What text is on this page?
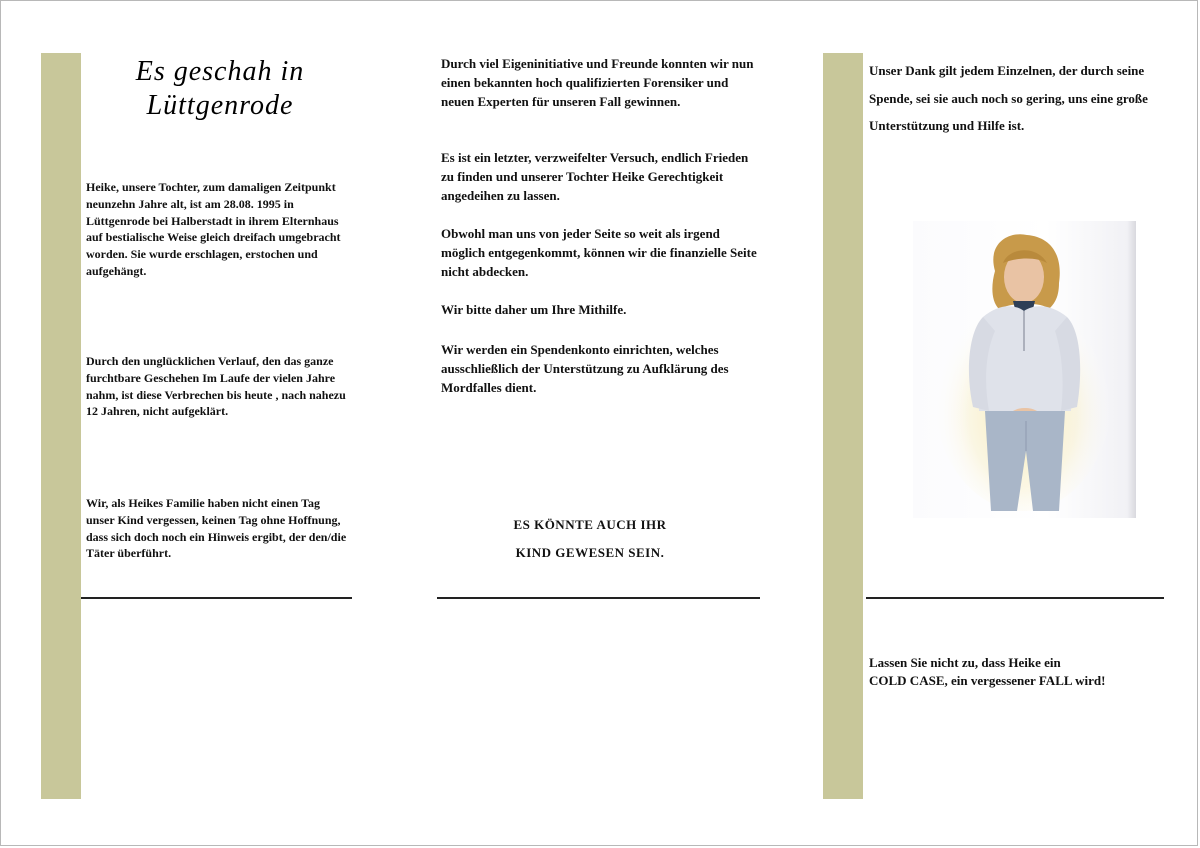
Es geschah in
Lüttgenrode

Heike, unsere Tochter, zum damaligen Zeitpunkt neunzehn Jahre alt, ist am 28.08. 1995 in Lüttgenrode bei Halberstadt in ihrem Elternhaus auf bestialische Weise gleich dreifach umgebracht worden. Sie wurde erschlagen, erstochen und aufgehängt.

Durch den unglücklichen Verlauf, den das ganze furchtbare Geschehen Im Laufe der vielen Jahre nahm, ist diese Verbrechen bis heute , nach nahezu 12 Jahren, nicht aufgeklärt.

Wir, als Heikes Familie haben nicht einen Tag unser Kind vergessen, keinen Tag ohne Hoffnung, dass sich doch noch ein Hinweis ergibt, der den/die Täter überführt.

Durch viel Eigeninitiative und Freunde konnten wir nun einen bekannten hoch qualifizierten Forensiker und neuen Experten für unseren Fall gewinnen.

Es ist ein letzter, verzweifelter Versuch, endlich Frieden zu finden und unserer Tochter Heike Gerechtigkeit angedeihen zu lassen.

Obwohl man uns von jeder Seite so weit als irgend möglich entgegenkommt, können wir die finanzielle Seite nicht abdecken.

Wir bitte daher um Ihre Mithilfe.

Wir werden ein Spendenkonto einrichten, welches ausschließlich der Unterstützung zu Aufklärung des Mordfalles dient.

ES KÖNNTE AUCH IHR

KIND GEWESEN SEIN.

Unser Dank gilt jedem Einzelnen, der durch seine Spende, sei sie auch noch so gering, uns eine große Unterstützung und Hilfe ist.

Lassen Sie nicht zu, dass Heike ein
COLD CASE, ein vergessener FALL wird!
